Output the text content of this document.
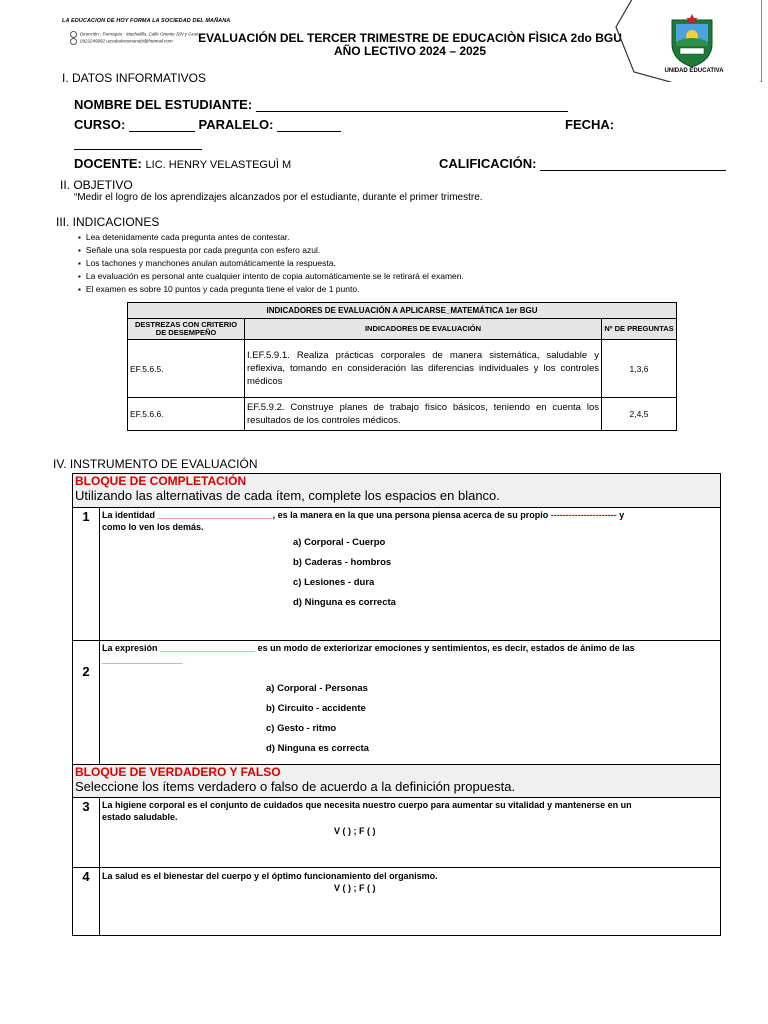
LA EDUCACION DE HOY FORMA LA SOCIEDAD DEL MAÑANA
Dirección : Parroquia - Machalilla, Calle Oriente S/N y Gran...
0922249082 uesabalvesmanabi@hotmail.com	EVALUACIÓN DEL TERCER TRIMESTRE DE EDUCACIÒN FÌSICA 2do BGU
AÑO LECTIVO 2024 – 2025
UNIDAD EDUCATIVA
I. DATOS INFORMATIVOS
NOMBRE DEL ESTUDIANTE:
CURSO:	PARALELO:	FECHA:
DOCENTE: LIC. HENRY VELASTEGUÌ M	CALIFICACIÓN:
II. OBJETIVO
“Medir el logro de los aprendizajes alcanzados por el estudiante, durante el primer trimestre.
III. INDICACIONES
▪ Lea detenidamente cada pregunta antes de contestar.
▪ Señale una sola respuesta por cada pregunta con esfero azul.
▪ Los tachones y manchones anulan automáticamente la respuesta.
▪ La evaluación es personal ante cualquier intento de copia automáticamente se le retirará el examen.
▪ El examen es sobre 10 puntos y cada pregunta tiene el valor de 1 punto.
INDICADORES DE EVALUACIÓN A APLICARSE_MATEMÁTICA 1er BGU		
DESTREZAS CON CRITERIO DE DESEMPEÑO	INDICADORES DE EVALUACIÓN	Nº DE PREGUNTAS
EF.5.6.5.	I.EF.5.9.1. Realiza prácticas corporales de manera sistemática, saludable y reflexiva, tomando en consideración las diferencias individuales y los controles médicos	1,3,6
EF.5.6.6.	EF.5.9.2. Construye planes de trabajo físico básicos, teniendo en cuenta los resultados de los controles médicos.	2,4,5
IV. INSTRUMENTO DE EVALUACIÓN
BLOQUE DE COMPLETACIÓN
Utilizando las alternativas de cada ítem, complete los espacios en blanco.
1	La identidad _______________________, es la manera en la que una persona piensa acerca de su propio ---------------------- y
como lo ven los demás.
a) Corporal - Cuerpo
b) Caderas - hombros
c) Lesiones - dura
d) Ninguna es correcta
2
La expresión ___________________ es un modo de exteriorizar emociones y sentimientos, es decir, estados de ánimo de las
________________
a) Corporal - Personas
b) Circuito - accidente
c) Gesto - ritmo
d) Ninguna es correcta
BLOQUE DE VERDADERO Y FALSO
Seleccione los ítems verdadero o falso de acuerdo a la definición propuesta.
3	La higiene corporal es el conjunto de cuidados que necesita nuestro cuerpo para aumentar su vitalidad y mantenerse en un
estado saludable.
V ( ) ; F ( )
4	La salud es el bienestar del cuerpo y el óptimo funcionamiento del organismo.
V ( ) ; F ( )
